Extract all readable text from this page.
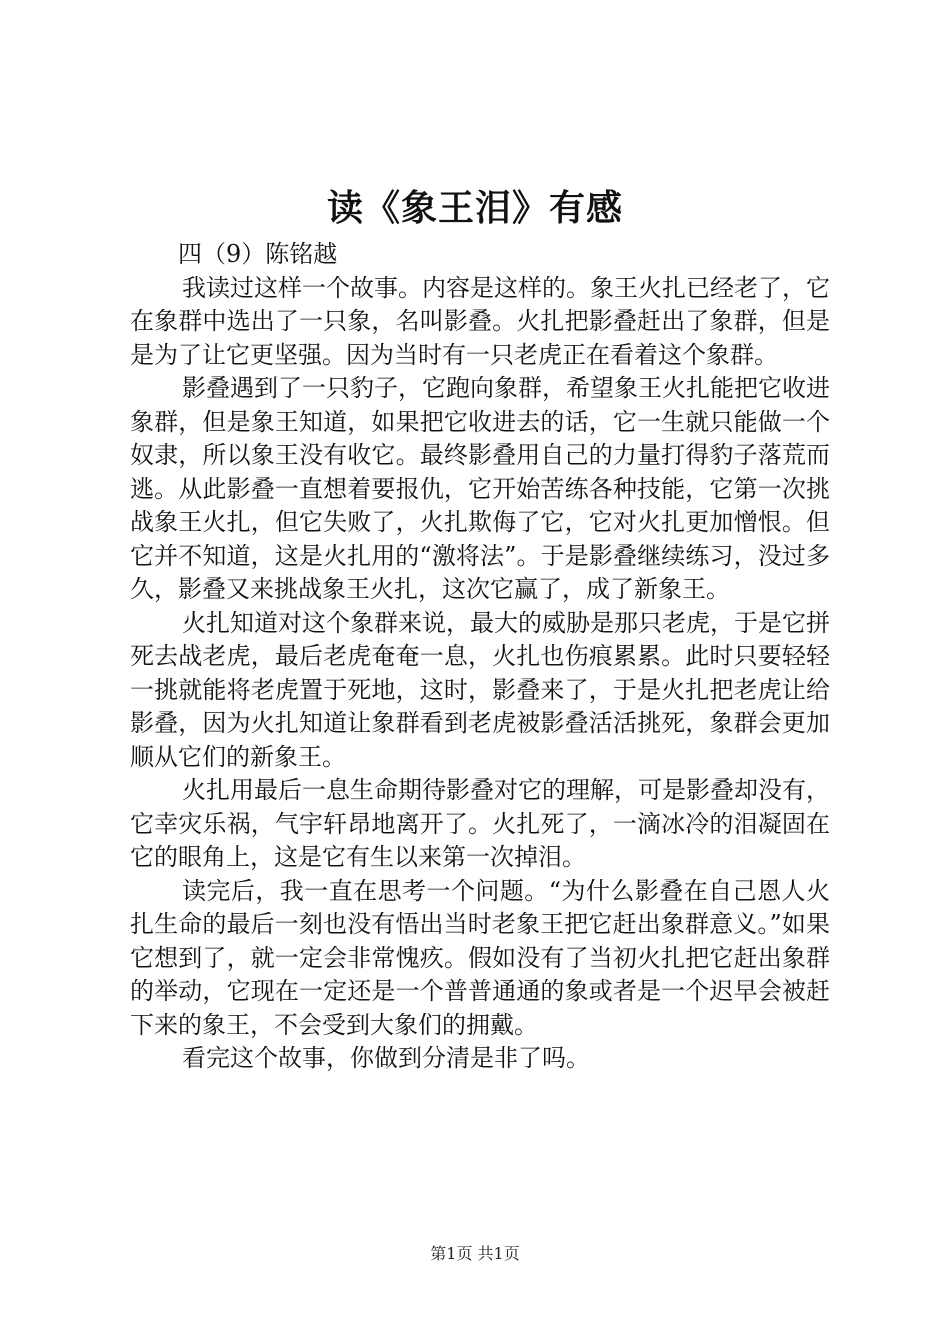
读《象王泪》有感

四（9）陈铭越

我读过这样一个故事。内容是这样的。象王火扎已经老了，它在象群中选出了一只象，名叫影叠。火扎把影叠赶出了象群，但是是为了让它更坚强。因为当时有一只老虎正在看着这个象群。

影叠遇到了一只豹子，它跑向象群，希望象王火扎能把它收进象群，但是象王知道，如果把它收进去的话，它一生就只能做一个奴隶，所以象王没有收它。最终影叠用自己的力量打得豹子落荒而逃。从此影叠一直想着要报仇，它开始苦练各种技能，它第一次挑战象王火扎，但它失败了，火扎欺侮了它，它对火扎更加憎恨。但它并不知道，这是火扎用的“激将法”。于是影叠继续练习，没过多久，影叠又来挑战象王火扎，这次它赢了，成了新象王。

火扎知道对这个象群来说，最大的威胁是那只老虎，于是它拼死去战老虎，最后老虎奄奄一息，火扎也伤痕累累。此时只要轻轻一挑就能将老虎置于死地，这时，影叠来了，于是火扎把老虎让给影叠，因为火扎知道让象群看到老虎被影叠活活挑死，象群会更加顺从它们的新象王。

火扎用最后一息生命期待影叠对它的理解，可是影叠却没有，它幸灾乐祸，气宇轩昂地离开了。火扎死了，一滴冰冷的泪凝固在它的眼角上，这是它有生以来第一次掉泪。

读完后，我一直在思考一个问题。“为什么影叠在自己恩人火扎生命的最后一刻也没有悟出当时老象王把它赶出象群意义。”如果它想到了，就一定会非常愧疚。假如没有了当初火扎把它赶出象群的举动，它现在一定还是一个普普通通的象或者是一个迟早会被赶下来的象王，不会受到大象们的拥戴。

看完这个故事，你做到分清是非了吗。

第1页 共1页
